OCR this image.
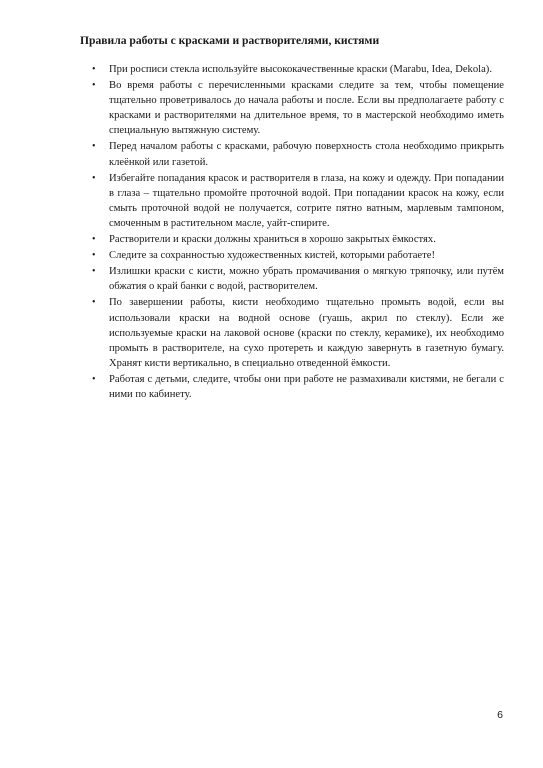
Правила работы с красками и растворителями, кистями
• При росписи стекла используйте высококачественные краски (Marabu, Idea, Dekola).
• Во время работы с перечисленными красками следите за тем, чтобы помещение тщательно проветривалось до начала работы и после. Если вы предполагаете работу с красками и растворителями на длительное время, то в мастерской необходимо иметь специальную вытяжную систему.
• Перед началом работы с красками, рабочую поверхность стола необходимо прикрыть клеёнкой или газетой.
• Избегайте попадания красок и растворителя в глаза, на кожу и одежду. При попадании в глаза – тщательно промойте проточной водой. При попадании красок на кожу, если смыть проточной водой не получается, сотрите пятно ватным, марлевым тампоном, смоченным в растительном масле, уайт-спирите.
• Растворители и краски должны храниться в хорошо закрытых ёмкостях.
• Следите за сохранностью художественных кистей, которыми работаете!
• Излишки краски с кисти, можно убрать промачивания о мягкую тряпочку, или путём обжатия о край банки с водой, растворителем.
• По завершении работы, кисти необходимо тщательно промыть водой, если вы использовали краски на водной основе (гуашь, акрил по стеклу). Если же используемые краски на лаковой основе (краски по стеклу, керамике), их необходимо промыть в растворителе, на сухо протереть и каждую завернуть в газетную бумагу. Хранят кисти вертикально, в специально отведенной ёмкости.
• Работая с детьми, следите, чтобы они при работе не размахивали кистями, не бегали с ними по кабинету.
6
